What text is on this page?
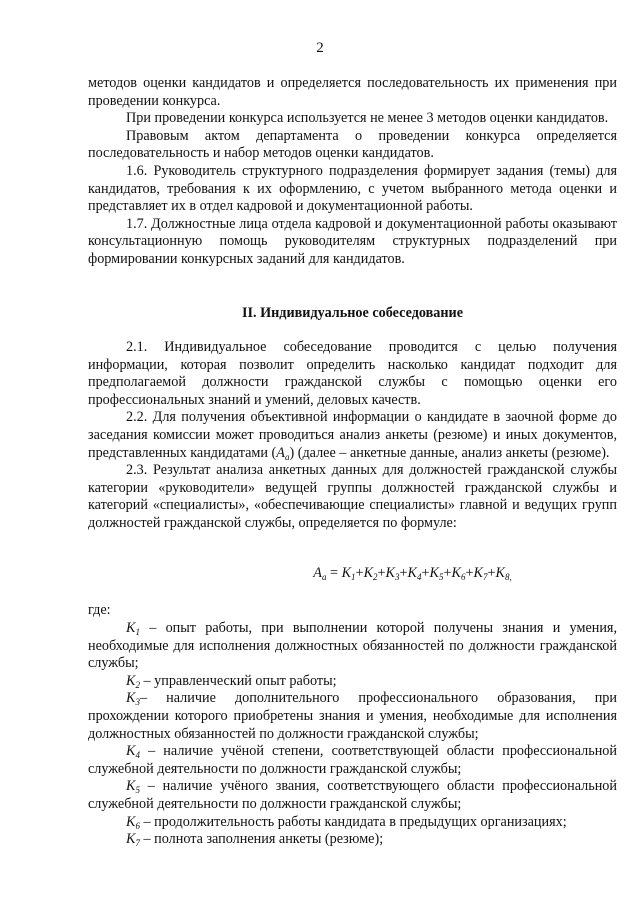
2

методов оценки кандидатов и определяется последовательность их применения при проведении конкурса.

При проведении конкурса используется не менее 3 методов оценки кандидатов.

Правовым актом департамента о проведении конкурса определяется последовательность и набор методов оценки кандидатов.

1.6. Руководитель структурного подразделения формирует задания (темы) для кандидатов, требования к их оформлению, с учетом выбранного метода оценки и представляет их в отдел кадровой и документационной работы.

1.7. Должностные лица отдела кадровой и документационной работы оказывают консультационную помощь руководителям структурных подразделений при формировании конкурсных заданий для кандидатов.

II. Индивидуальное собеседование

2.1. Индивидуальное собеседование проводится с целью получения информации, которая позволит определить насколько кандидат подходит для предполагаемой должности гражданской службы с помощью оценки его профессиональных знаний и умений, деловых качеств.

2.2. Для получения объективной информации о кандидате в заочной форме до заседания комиссии может проводиться анализ анкеты (резюме) и иных документов, представленных кандидатами $(A_a)$ (далее – анкетные данные, анализ анкеты (резюме).

2.3. Результат анализа анкетных данных для должностей гражданской службы категории «руководители» ведущей группы должностей гражданской службы и категорий «специалисты», «обеспечивающие специалисты» главной и ведущих групп должностей гражданской службы, определяется по формуле:

$A_a = K_1+K_2+K_3+K_4+K_5+K_6+K_7+K_{8,}$
где:

$K_1$ – опыт работы, при выполнении которой получены знания и умения, необходимые для исполнения должностных обязанностей по должности гражданской службы;

$K_2$ – управленческий опыт работы;

$K_3-$ наличие дополнительного профессионального образования, при прохождении которого приобретены знания и умения, необходимые для исполнения должностных обязанностей по должности гражданской службы;

$K_4$ – наличие учёной степени, соответствующей области профессиональной служебной деятельности по должности гражданской службы;

$K_5$ – наличие учёного звания, соответствующего области профессиональной служебной деятельности по должности гражданской службы;

$K_6$ – продолжительность работы кандидата в предыдущих организациях;

$K_7$ – полнота заполнения анкеты (резюме);
